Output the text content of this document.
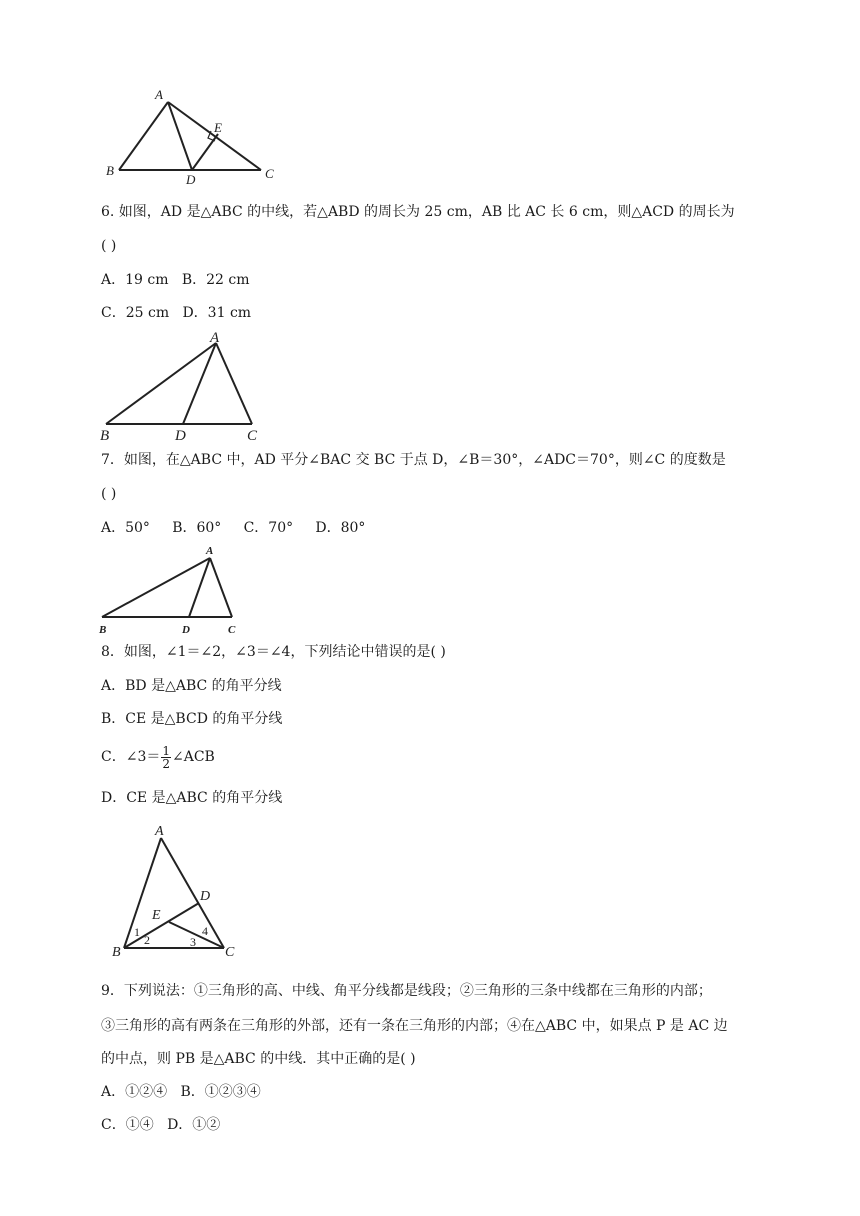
A
B	C
D
E
6. 如图，AD 是△ABC 的中线，若△ABD 的周长为 25 cm，AB 比 AC 长 6 cm，则△ACD 的周长为
( )
A．19 cm B．22 cm
C．25 cm D．31 cm
A
B	D	C
7．如图，在△ABC 中，AD 平分∠BAC 交 BC 于点 D，∠B＝30°，∠ADC＝70°，则∠C 的度数是
( )
A．50° B．60° C．70° D．80°
A
B	D	C
8．如图，∠1＝∠2，∠3＝∠4，下列结论中错误的是( )
A．BD 是△ABC 的角平分线
B．CE 是△BCD 的角平分线
C．∠3＝ $\frac{1}{2}$ ∠ACB
D．CE 是△ABC 的角平分线
A
B	C
D
E
1
2	3
4
9．下列说法：①三角形的高、中线、角平分线都是线段；②三角形的三条中线都在三角形的内部；
③三角形的高有两条在三角形的外部，还有一条在三角形的内部；④在△ABC 中，如果点 P 是 AC 边
的中点，则 PB 是△ABC 的中线．其中正确的是( )
A．①②④ B．①②③④
C．①④ D．①②
